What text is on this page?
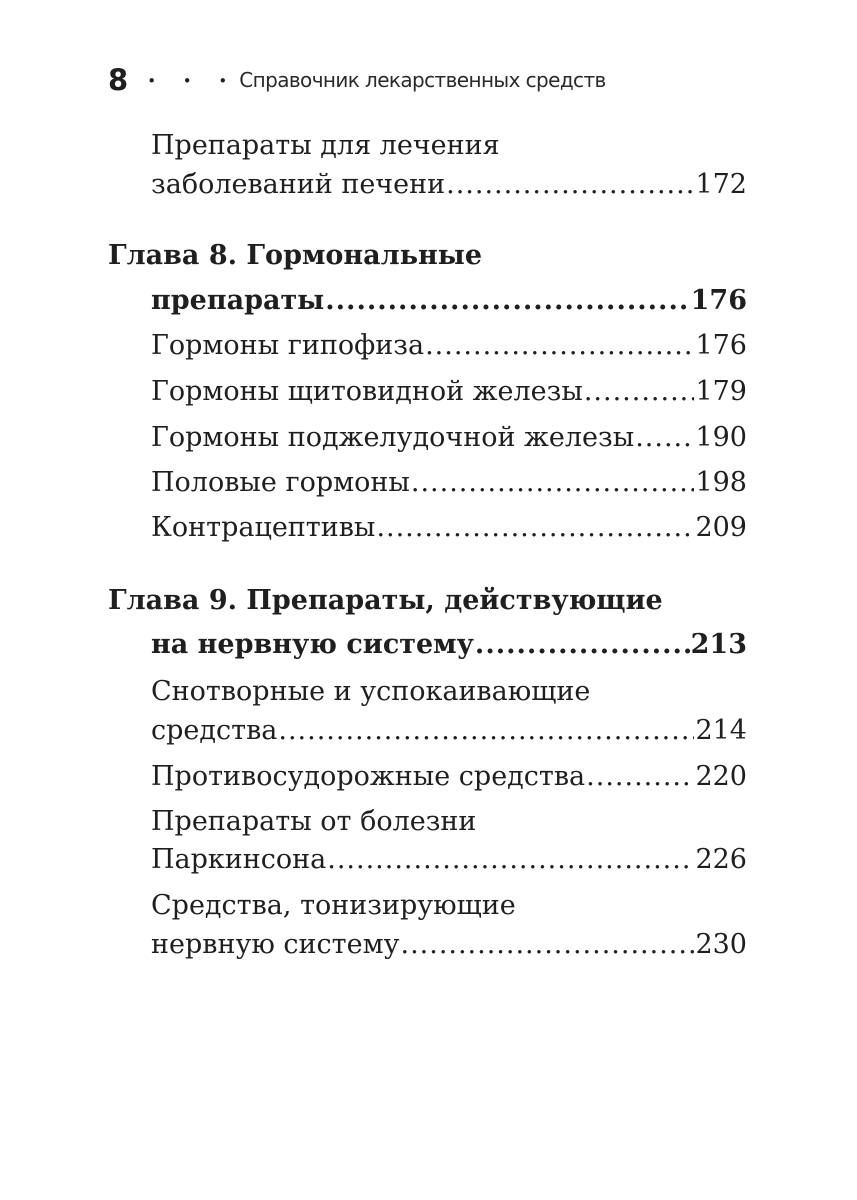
8 • • • Справочник лекарственных средств
Препараты для лечения
заболеваний печени .....	172
Глава 8. Гормональные
препараты .....	176
Гормоны гипофиза .....	176
Гормоны щитовидной железы .....	179
Гормоны поджелудочной железы ..... 190
Половые гормоны .....	198
Контрацептивы .....	209
Глава 9. Препараты, действующие
на нервную систему .....	213
Снотворные и успокаивающие
средства .....	214
Противосудорожные средства .....	220
Препараты от болезни
Паркинсона .....	226
Средства, тонизирующие
нервную систему .....	230
